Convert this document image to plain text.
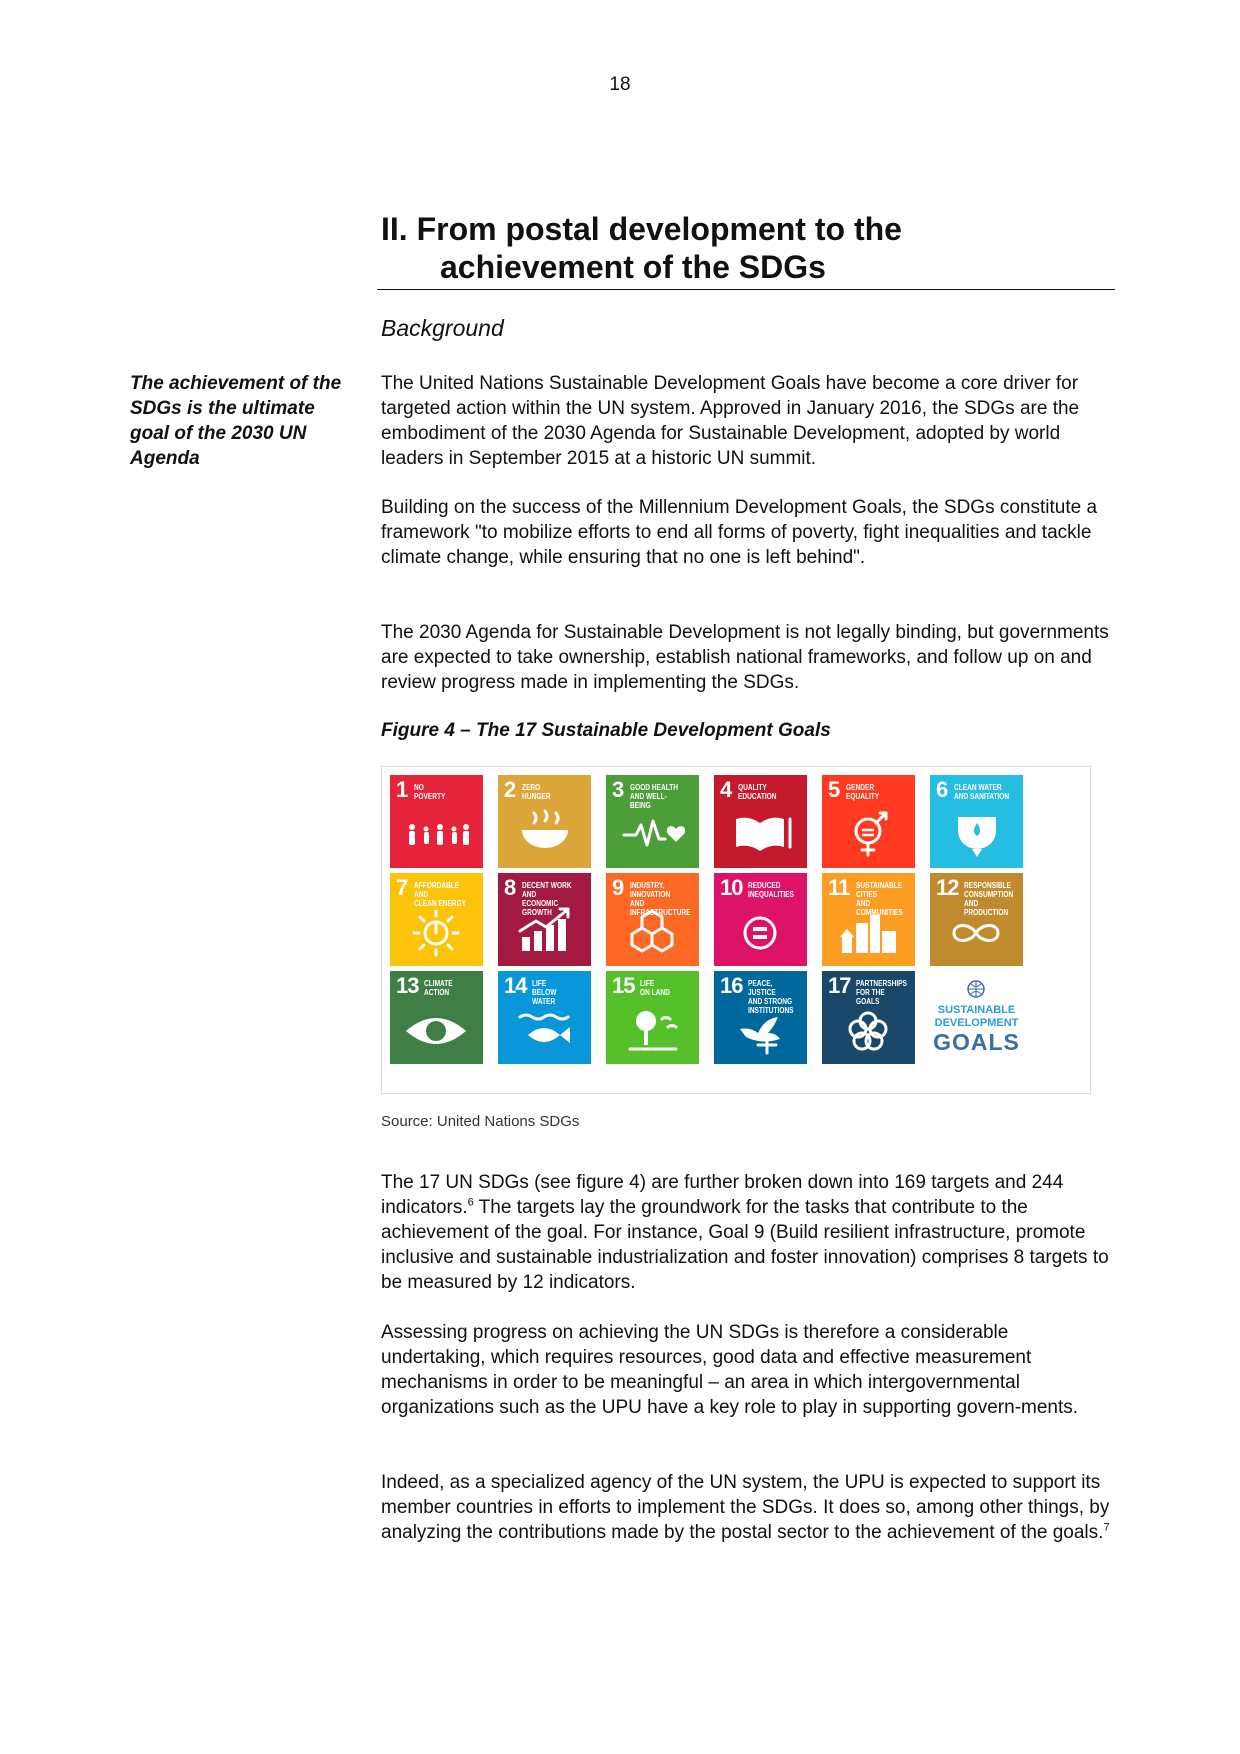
18
II. From postal development to the
achievement of the SDGs
Background
The achievement of the SDGs is the ultimate goal of the 2030 UN Agenda

The United Nations Sustainable Development Goals have become a core driver for targeted action within the UN system. Approved in January 2016, the SDGs are the embodiment of the 2030 Agenda for Sustainable Development, adopted by world leaders in September 2015 at a historic UN summit.

Building on the success of the Millennium Development Goals, the SDGs constitute a framework "to mobilize efforts to end all forms of poverty, fight inequalities and tackle climate change, while ensuring that no one is left behind".

The 2030 Agenda for Sustainable Development is not legally binding, but governments are expected to take ownership, establish national frameworks, and follow up on and review progress made in implementing the SDGs.

Figure 4 – The 17 Sustainable Development Goals

1 NO
POVERTY	2 ZERO
HUNGER	3 GOOD HEALTH
AND WELL-BEING
4 QUALITY
EDUCATION 5 GENDER
EQUALITY	6 CLEAN WATER
AND SANITATION
7 AFFORDABLE AND
CLEAN ENERGY
8 DECENT WORK AND
ECONOMIC GROWTH
9 INDUSTRY, INNOVATION
AND INFRASTRUCTURE
10 REDUCED
INEQUALITIES 11 SUSTAINABLE CITIES
AND COMMUNITIES
12 RESPONSIBLE
CONSUMPTION
AND PRODUCTION
13 CLIMATE
ACTION 14 LIFE
BELOW WATER
15 LIFE
ON LAND 16 PEACE, JUSTICE
AND STRONG
INSTITUTIONS
17 PARTNERSHIPS
FOR THE GOALS
SUSTAINABLE
DEVELOPMENT
GOALS

Source: United Nations SDGs

The 17 UN SDGs (see figure 4) are further broken down into 169 targets and 244 indicators.$^6$ The targets lay the groundwork for the tasks that contribute to the achievement of the goal. For instance, Goal 9 (Build resilient infrastructure, promote inclusive and sustainable industrialization and foster innovation) comprises 8 targets to be measured by 12 indicators.

Assessing progress on achieving the UN SDGs is therefore a considerable undertaking, which requires resources, good data and effective measurement mechanisms in order to be meaningful – an area in which intergovernmental organizations such as the UPU have a key role to play in supporting govern-ments.

Indeed, as a specialized agency of the UN system, the UPU is expected to support its member countries in efforts to implement the SDGs. It does so, among other things, by analyzing the contributions made by the postal sector to the achievement of the goals.$^7$
